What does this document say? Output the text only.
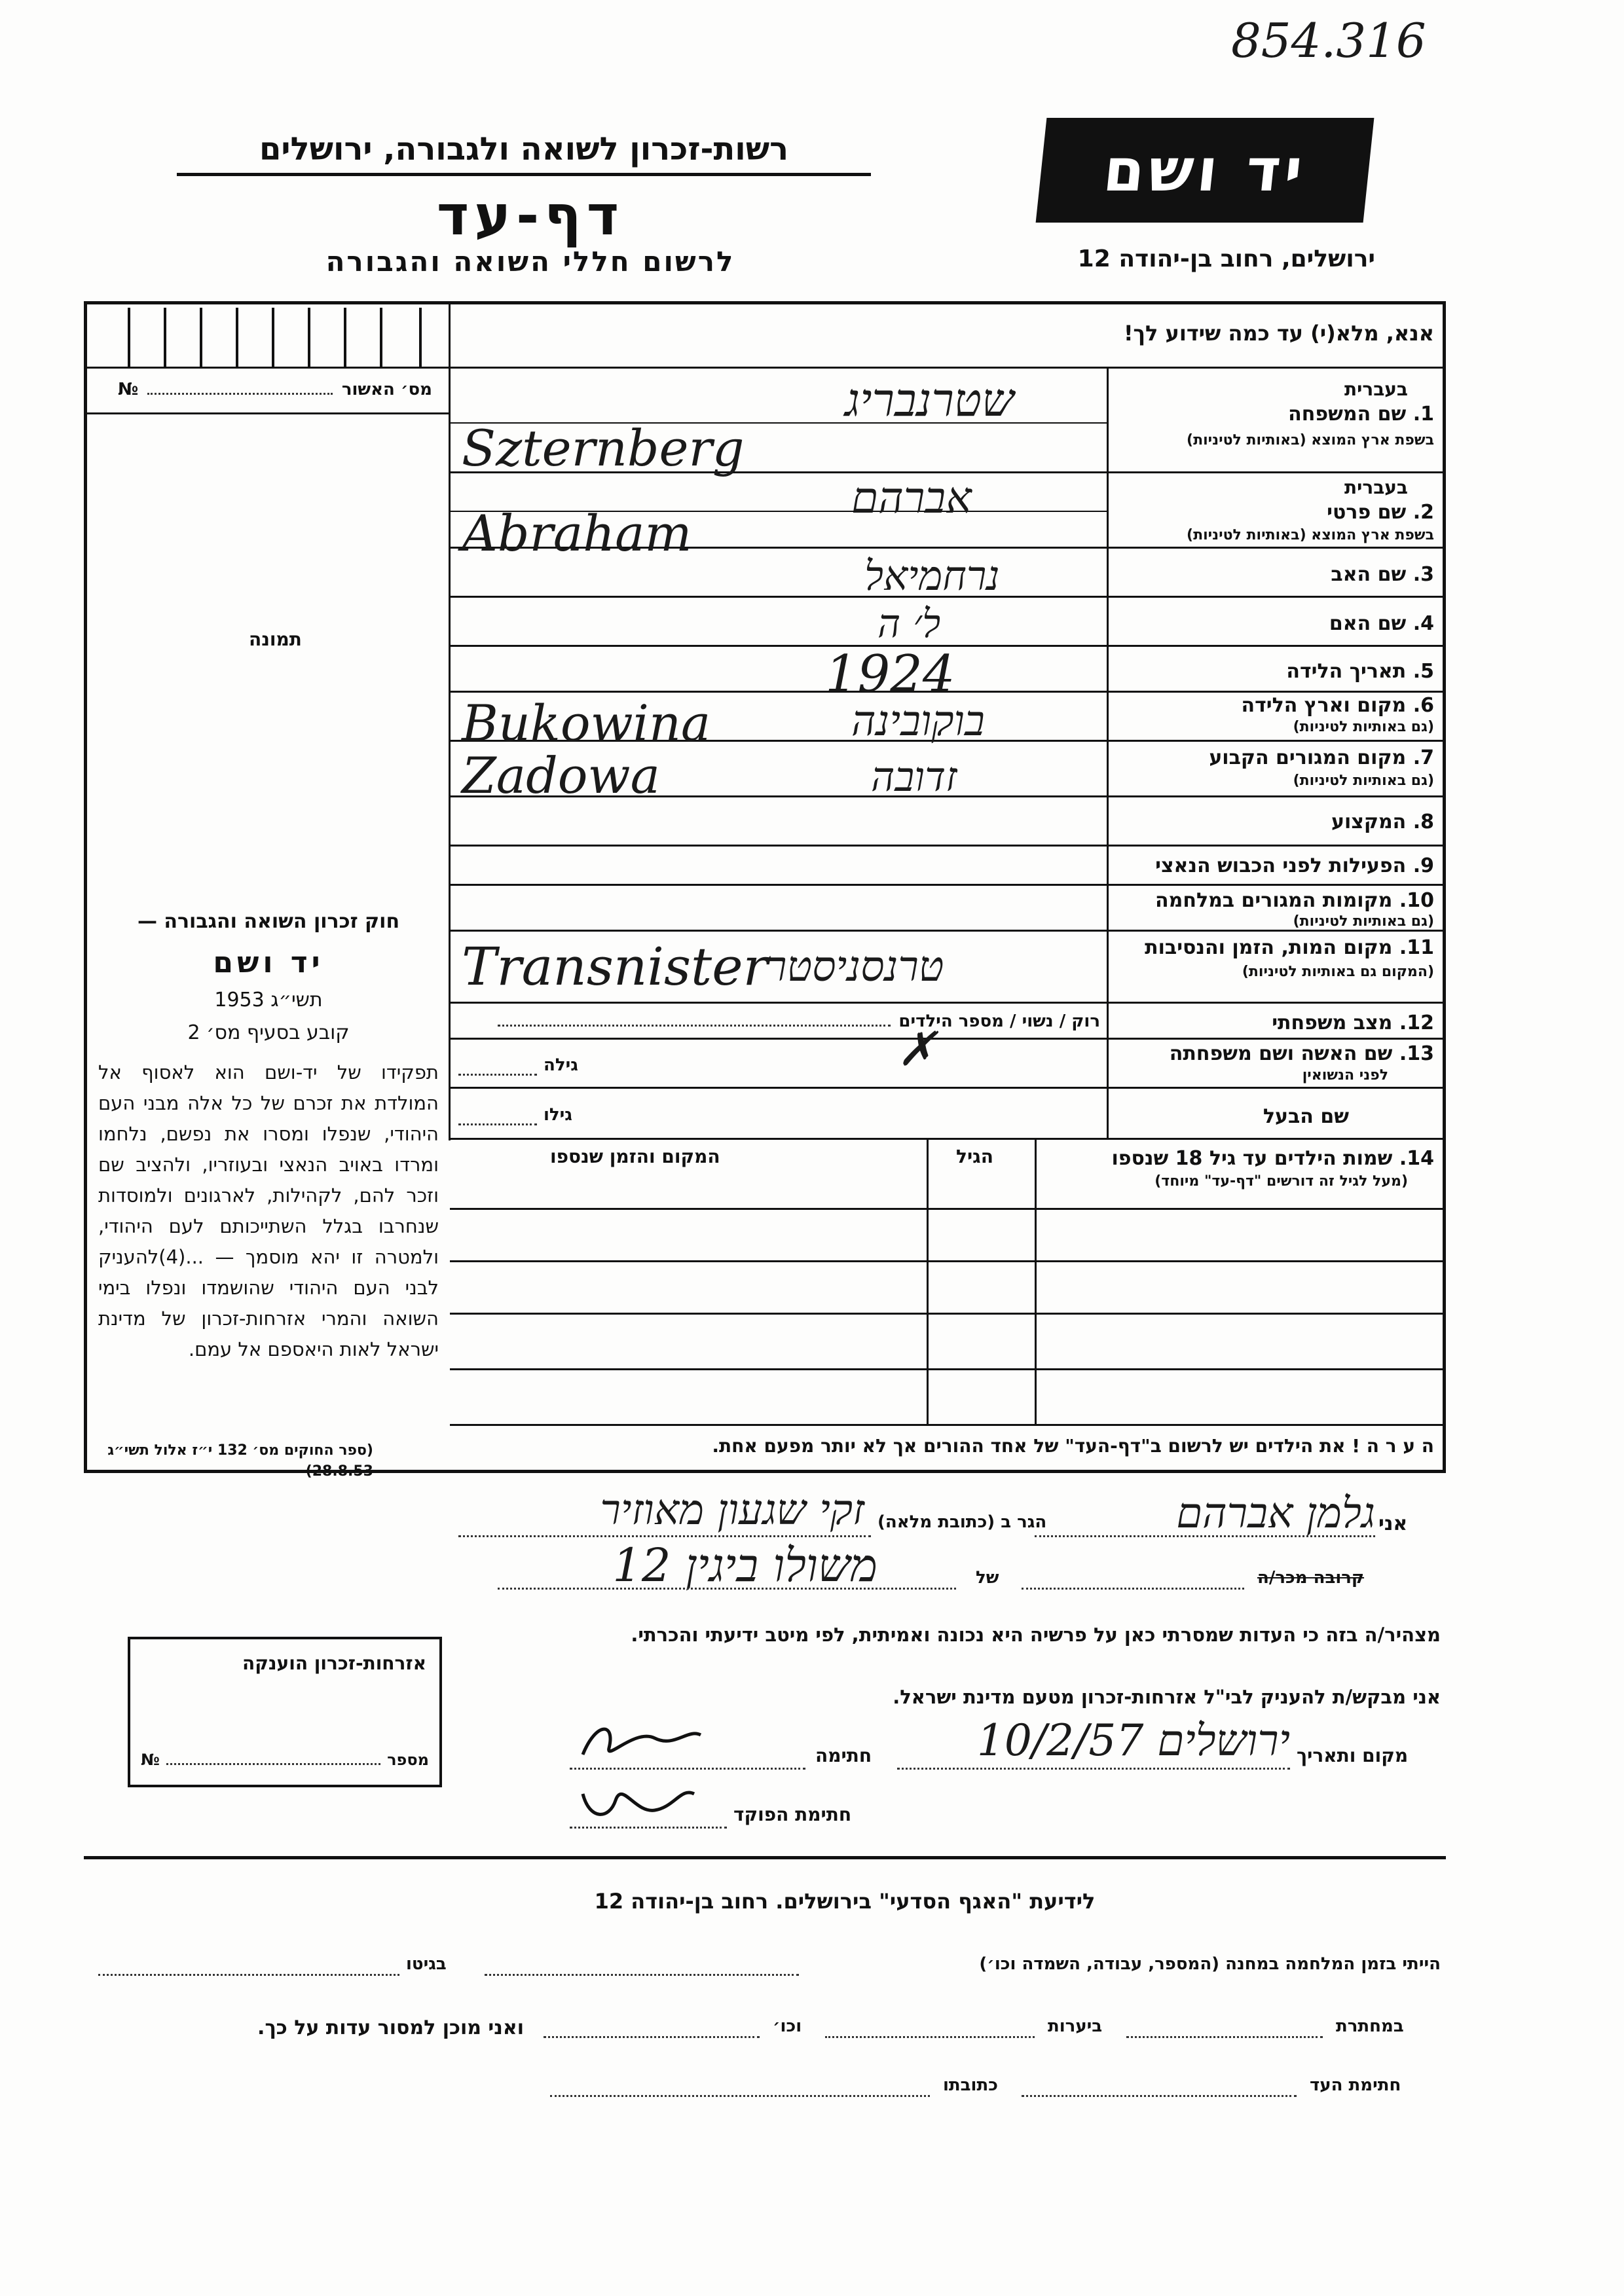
854.316
רשות-זכרון לשואה ולגבורה, ירושלים
דף-עד
לרשום חללי השואה והגבורה
יד ושם
ירושלים, רחוב בן-יהודה 12
אנא, מלא(י) עד כמה שידוע לך!
מס׳ האשור
№
תמונה
בעברית
1. שם המשפחה
בשפת ארץ המוצא (באותיות לטיניות)
בעברית
2. שם פרטי
בשפת ארץ המוצא (באותיות לטיניות)
3. שם האב
4. שם האם
5. תאריך הלידה
6. מקום וארץ הלידה
(גם באותיות לטיניות)
7. מקום המגורים הקבוע
(גם באותיות לטיניות)
8. המקצוע
9. הפעילות לפני הכבוש הנאצי
10. מקומות המגורים במלחמה
(גם באותיות לטיניות)
11. מקום המות, הזמן והנסיבות
(המקום גם באותיות לטיניות)
12. מצב משפחתי
13. שם האשה ושם משפחתה
לפני הנשואין
שם הבעל
שטרנבריג
Szternberg
אברהם
Abraham
נרחמיאל
ל׳ ה
1924
Bukowina	בוקובינה
Zadowa	זדובה
Transnister
טרנסניסטר
רוק / נשוי / מספר הילדים
✗
גילה
גילו
14. שמות הילדים עד גיל 18 שנספו
(מעל לגיל זה דורשים "דף-עד" מיוחד)
הגיל
המקום והזמן שנספו
חוק זכרון השואה והגבורה —
יד ושם
תשי״ג 1953
קובע בסעיף מס׳ 2
תפקידו של יד-ושם הוא לאסוף אל המולדת את זכרם של כל אלה מבני העם היהודי, שנפלו ומסרו את נפשם, נלחמו ומרדו באויב הנאצי ובעוזריו, ולהציב שם וזכר להם, לקהילות, לארגונים ולמוסדות שנחרבו בגלל השתייכותם לעם היהודי, ולמטרה זו יהא מוסמך — ...(4)להעניק לבני העם היהודי שהושמדו ונפלו בימי השואה והמרי אזרחות-זכרון של מדינת ישראל לאות היאספם אל עמם.
(ספר החוקים מס׳ 132 י״ז אלול תשי״ג 28.8.53)
ה ע ר ה ! את הילדים יש לרשום ב"דף-העד" של אחד ההורים אך לא יותר מפעם אחת.
אני
גלמן אברהם
הגר ב (כתובת מלאה)
זקי שגעון מאוזיר
קרובה מכר/ה
של
משולו ביגין 12
מצהיר/ה בזה כי העדות שמסרתי כאן על פרשיה היא נכונה ואמיתית, לפי מיטב ידיעתי והכרתי.
אני מבקש/ת להעניק לבי"ל אזרחות-זכרון מטעם מדינת ישראל.
מקום ותאריך
ירושלים 10/2/57
חתימה
חתימת הפוקד
אזרחות-זכרון הוענקה
מספר
№
לידיעת "האגף הסדעי" בירושלים. רחוב בן-יהודה 12
הייתי בזמן המלחמה במחנה (המספר, עבודה, השמדה וכו׳)
בגיטו
במחתרת
ביערות
וכו׳
ואני מוכן למסור עדות על כך.
חתימת העד
כתובתו
